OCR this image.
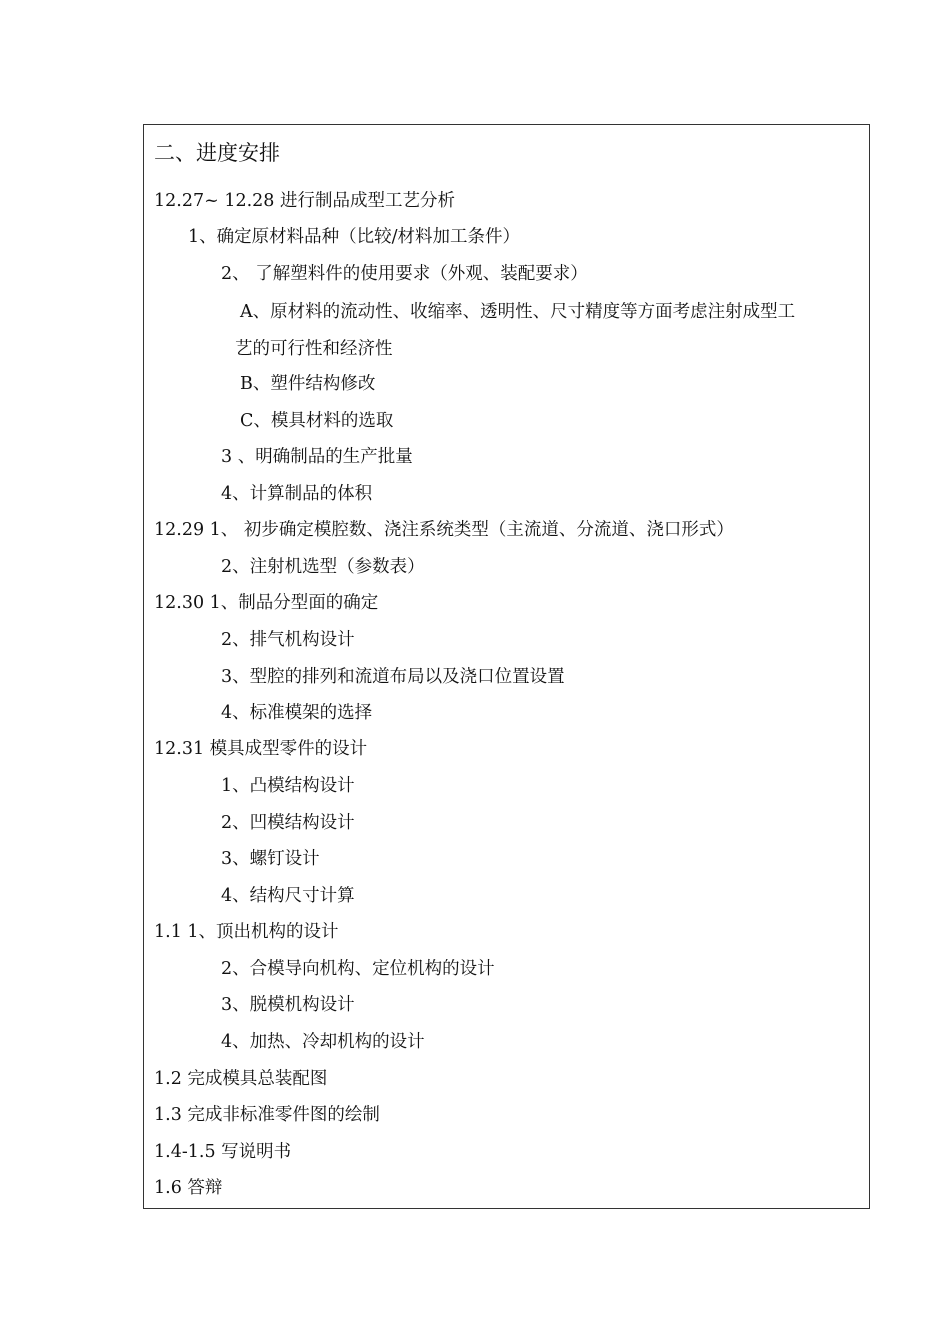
二、进度安排
12.27~ 12.28 进行制品成型工艺分析
1、确定原材料品种（比较/材料加工条件）
2、 了解塑料件的使用要求（外观、装配要求）
A、原材料的流动性、收缩率、透明性、尺寸精度等方面考虑注射成型工
艺的可行性和经济性
B、塑件结构修改
C、模具材料的选取
3 、明确制品的生产批量
4、计算制品的体积
12.29 1、 初步确定模腔数、浇注系统类型（主流道、分流道、浇口形式）
2、注射机选型（参数表）
12.30 1、制品分型面的确定
2、排气机构设计
3、型腔的排列和流道布局以及浇口位置设置
4、标准模架的选择
12.31 模具成型零件的设计
1、凸模结构设计
2、凹模结构设计
3、螺钉设计
4、结构尺寸计算
1.1 1、顶出机构的设计
2、合模导向机构、定位机构的设计
3、脱模机构设计
4、加热、冷却机构的设计
1.2 完成模具总装配图
1.3 完成非标准零件图的绘制
1.4-1.5 写说明书
1.6 答辩
